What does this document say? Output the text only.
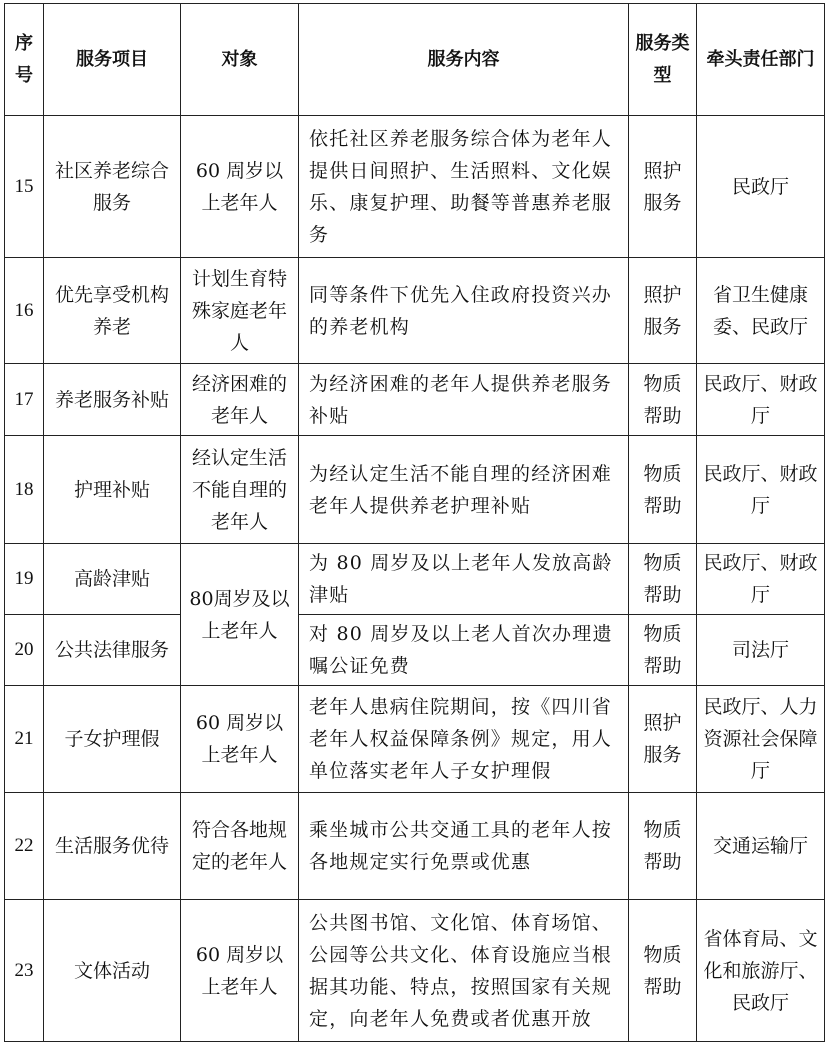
序号	服务项目	对象	服务内容	服务类型	牵头责任部门
15	社区养老综合服务	60 周岁以上老年人	依托社区养老服务综合体为老年人提供日间照护、生活照料、文化娱乐、康复护理、助餐等普惠养老服务	照护服务	民政厅
16	优先享受机构养老	计划生育特殊家庭老年人	同等条件下优先入住政府投资兴办的养老机构	照护服务	省卫生健康委、民政厅
17	养老服务补贴	经济困难的老年人	为经济困难的老年人提供养老服务补贴	物质帮助	民政厅、财政厅
18	护理补贴	经认定生活不能自理的老年人	为经认定生活不能自理的经济困难老年人提供养老护理补贴	物质帮助	民政厅、财政厅
19	高龄津贴	80周岁及以上老年人	为 80 周岁及以上老年人发放高龄津贴	物质帮助	民政厅、财政厅
20	公共法律服务		对 80 周岁及以上老人首次办理遗嘱公证免费	物质帮助	司法厅
21	子女护理假	60 周岁以上老年人	老年人患病住院期间，按《四川省老年人权益保障条例》规定，用人单位落实老年人子女护理假	照护服务	民政厅、人力资源社会保障厅
22	生活服务优待	符合各地规定的老年人	乘坐城市公共交通工具的老年人按各地规定实行免票或优惠	物质帮助	交通运输厅
23	文体活动	60 周岁以上老年人	公共图书馆、文化馆、体育场馆、公园等公共文化、体育设施应当根据其功能、特点，按照国家有关规定，向老年人免费或者优惠开放	物质帮助	省体育局、文化和旅游厅、民政厅
